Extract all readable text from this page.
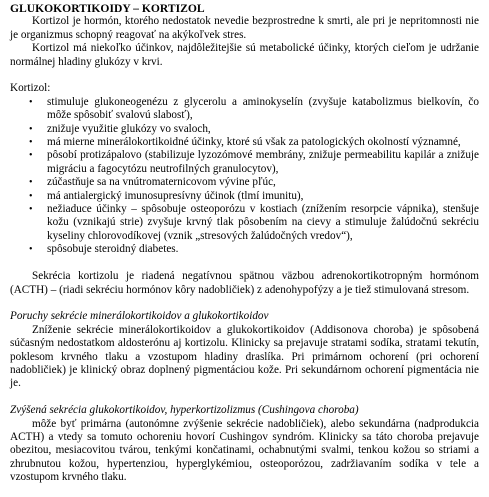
GLUKOKORTIKOIDY – KORTIZOL

Kortizol je hormón, ktorého nedostatok nevedie bezprostredne k smrti, ale pri je nepritomnosti nie je organizmus schopný reagovať na akýkoľvek stres.

Kortizol má niekoľko účinkov, najdôležitejšie sú metabolické účinky, ktorých cieľom je udržanie normálnej hladiny glukózy v krvi.

Kortizol:

• stimuluje glukoneogenézu z glycerolu a aminokyselín (zvyšuje katabolizmus bielkovín, čo môže spôsobiť svalovú slabosť),
• znižuje využitie glukózy vo svaloch,
• má mierne minerálokortikoidné účinky, ktoré sú však za patologických okolností významné,
• pôsobí protizápalovo (stabilizuje lyzozómové membrány, znižuje permeabilitu kapilár a znižuje migráciu a fagocytózu neutrofilných granulocytov),
• zúčastňuje sa na vnútromaternicovom vývine pľúc,
• má antialergický imunosupresívny účinok (tlmí imunitu),
• nežiaduce účinky – spôsobuje osteoporózu v kostiach (znížením resorpcie vápnika), stenšuje kožu (vznikajú strie) zvyšuje krvný tlak pôsobením na cievy a stimuluje žalúdočnú sekréciu kyseliny chlorovodíkovej (vznik „stresových žalúdočných vredov“),
• spôsobuje steroidný diabetes.

Sekrécia kortizolu je riadená negatívnou spätnou väzbou adrenokortikotropným hormónom (ACTH) – (riadi sekréciu hormónov kôry nadobličiek) z adenohypofýzy a je tiež stimulovaná stresom.

Poruchy sekrécie minerálokortikoidov a glukokortikoidov

Zníženie sekrécie minerálokortikoidov a glukokortikoidov (Addisonova choroba) je spôsobená súčasným nedostatkom aldosterónu aj kortizolu. Klinicky sa prejavuje stratami sodíka, stratami tekutín, poklesom krvného tlaku a vzostupom hladiny draslíka. Pri primárnom ochorení (pri ochorení nadobličiek) je klinický obraz doplnený pigmentáciou kože. Pri sekundárnom ochorení pigmentácia nie je.

Zvýšená sekrécia glukokortikoidov, hyperkortizolizmus (Cushingova choroba)

môže byť primárna (autonómne zvýšenie sekrécie nadobličiek), alebo sekundárna (nadprodukcia ACTH) a vtedy sa tomuto ochoreniu hovorí Cushingov syndróm. Klinicky sa táto choroba prejavuje obezitou, mesiacovitou tvárou, tenkými končatinami, ochabnutými svalmi, tenkou kožou so striami a zhrubnutou kožou, hypertenziou, hyperglykémiou, osteoporózou, zadržiavaním sodíka v tele a vzostupom krvného tlaku.
